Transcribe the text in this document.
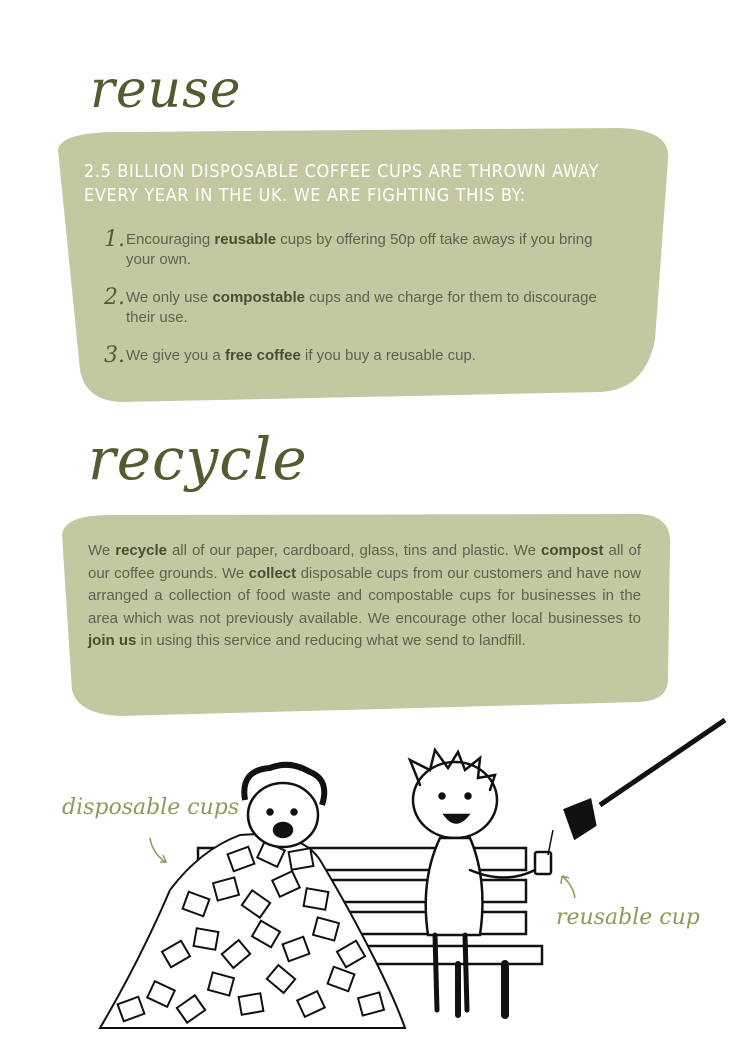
reuse
2.5 BILLION DISPOSABLE COFFEE CUPS ARE THROWN AWAY EVERY YEAR IN THE UK. WE ARE FIGHTING THIS BY:
1. Encouraging reusable cups by offering 50p off take aways if you bring your own.
2. We only use compostable cups and we charge for them to discourage their use.
3. We give you a free coffee if you buy a reusable cup.
recycle
We recycle all of our paper, cardboard, glass, tins and plastic. We compost all of our coffee grounds. We collect disposable cups from our customers and have now arranged a collection of food waste and compostable cups for businesses in the area which was not previously available. We encourage other local businesses to join us in using this service and reducing what we send to landfill.
disposable cups
reusable cup
